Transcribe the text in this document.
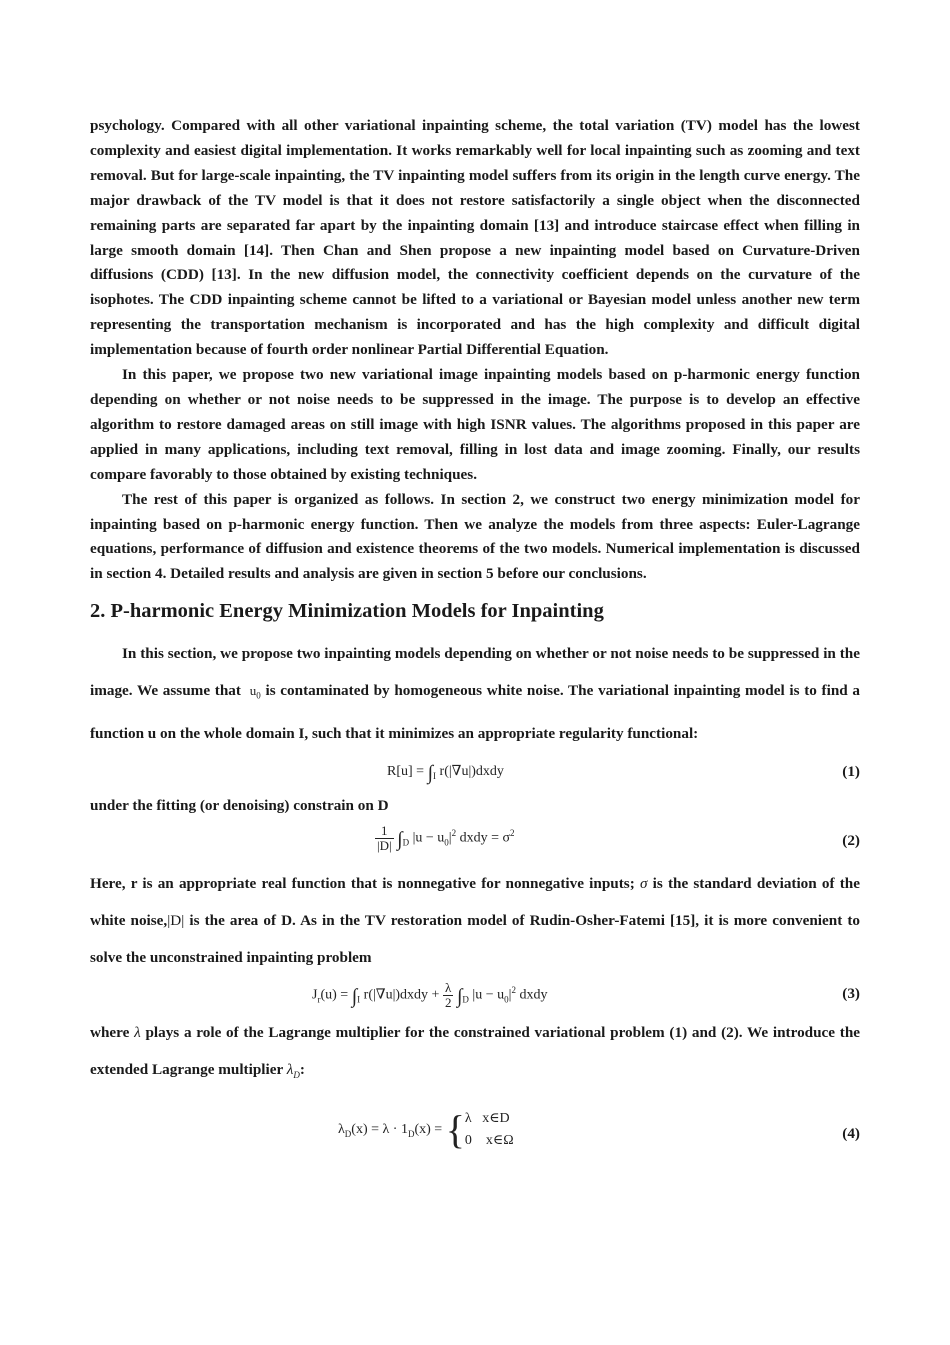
psychology. Compared with all other variational inpainting scheme, the total variation (TV) model has the lowest complexity and easiest digital implementation. It works remarkably well for local inpainting such as zooming and text removal. But for large-scale inpainting, the TV inpainting model suffers from its origin in the length curve energy. The major drawback of the TV model is that it does not restore satisfactorily a single object when the disconnected remaining parts are separated far apart by the inpainting domain [13] and introduce staircase effect when filling in large smooth domain [14]. Then Chan and Shen propose a new inpainting model based on Curvature-Driven diffusions (CDD) [13]. In the new diffusion model, the connectivity coefficient depends on the curvature of the isophotes. The CDD inpainting scheme cannot be lifted to a variational or Bayesian model unless another new term representing the transportation mechanism is incorporated and has the high complexity and difficult digital implementation because of fourth order nonlinear Partial Differential Equation.

In this paper, we propose two new variational image inpainting models based on p-harmonic energy function depending on whether or not noise needs to be suppressed in the image. The purpose is to develop an effective algorithm to restore damaged areas on still image with high ISNR values. The algorithms proposed in this paper are applied in many applications, including text removal, filling in lost data and image zooming. Finally, our results compare favorably to those obtained by existing techniques.

The rest of this paper is organized as follows. In section 2, we construct two energy minimization model for inpainting based on p-harmonic energy function. Then we analyze the models from three aspects: Euler-Lagrange equations, performance of diffusion and existence theorems of the two models. Numerical implementation is discussed in section 4. Detailed results and analysis are given in section 5 before our conclusions.

2. P-harmonic Energy Minimization Models for Inpainting

In this section, we propose two inpainting models depending on whether or not noise needs to be suppressed in the image. We assume that $u_0$ is contaminated by homogeneous white noise. The variational inpainting model is to find a function u on the whole domain I, such that it minimizes an appropriate regularity functional:

$R[u] = \int_I$ r(|∇u|)dxdy	(1)

under the fitting (or denoising) constrain on D

$\frac{1}{|D|} \int_D$ $|u - u_0|^2$ dxdy = $\sigma^2$	(2)

Here, r is an appropriate real function that is nonnegative for nonnegative inputs; σ is the standard deviation of the white noise,|D| is the area of D. As in the TV restoration model of Rudin-Osher-Fatemi [15], it is more convenient to solve the unconstrained inpainting problem

$J_r(u) = \int_I$ r(|∇u|)dxdy + $\frac{\lambda}{2} \int_D$ $|u - u_0|^2$ dxdy	(3)

where λ plays a role of the Lagrange multiplier for the constrained variational problem (1) and (2). We introduce the extended Lagrange multiplier $\lambda_D$:

$\lambda_D(x) = \lambda \cdot 1_D(x) = \{\lambda$   x∈D
0    x∈Ω	(4)
